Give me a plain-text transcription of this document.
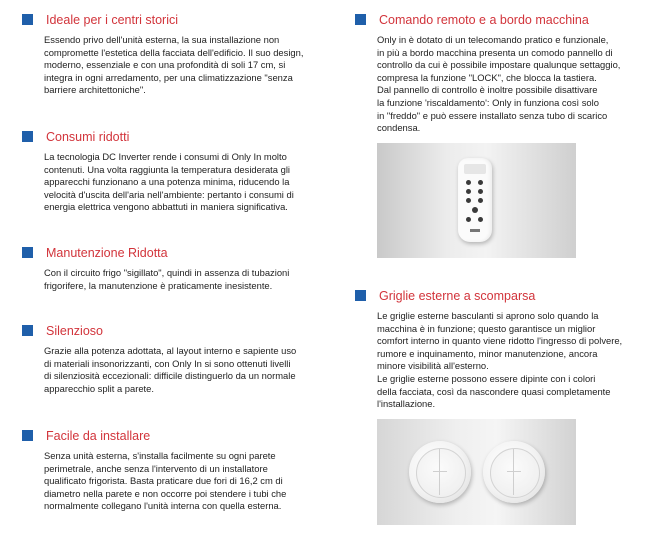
Ideale per i centri storici
Essendo privo dell'unità esterna, la sua installazione non
compromette l'estetica della facciata dell'edificio. Il suo design,
moderno, essenziale e con una profondità di soli 17 cm, si
integra in ogni arredamento, per una climatizzazione "senza
barriere architettoniche".
Consumi ridotti
La tecnologia DC Inverter rende i consumi di Only In molto
contenuti. Una volta raggiunta la temperatura desiderata gli
apparecchi funzionano a una potenza minima, riducendo la
velocità d'uscita dell'aria nell'ambiente: pertanto i consumi di
energia elettrica vengono abbattuti in maniera significativa.
Manutenzione Ridotta
Con il circuito frigo "sigillato", quindi in assenza di tubazioni
frigorifere, la manutenzione è praticamente inesistente.
Silenzioso
Grazie alla potenza adottata, al layout interno e sapiente uso
di materiali insonorizzanti, con Only In si sono ottenuti livelli
di silenziosità eccezionali: difficile distinguerlo da un normale
apparecchio split a parete.
Facile da installare
Senza unità esterna, s'installa facilmente su ogni parete
perimetrale, anche senza l'intervento di un installatore
qualificato frigorista. Basta praticare due fori di 16,2 cm di
diametro nella parete e non occorre poi stendere i tubi che
normalmente collegano l'unità interna con quella esterna.
Comando remoto e a bordo macchina
Only in è dotato di un telecomando pratico e funzionale,
in più a bordo macchina presenta un comodo pannello di
controllo da cui è possibile impostare qualunque settaggio,
compresa la funzione "LOCK", che blocca la tastiera.
Dal pannello di controllo è inoltre possibile disattivare
la funzione 'riscaldamento': Only in funziona così solo
in "freddo" e può essere installato senza tubo di scarico
condensa.
Griglie esterne a scomparsa
Le griglie esterne basculanti si aprono solo quando la
macchina è in funzione; questo garantisce un miglior
comfort interno in quanto viene ridotto l'ingresso di polvere,
rumore e inquinamento, minor manutenzione, ancora
minore visibilità all'esterno.
Le griglie esterne possono essere dipinte con i colori
della facciata, così da nascondere quasi completamente
l'installazione.
